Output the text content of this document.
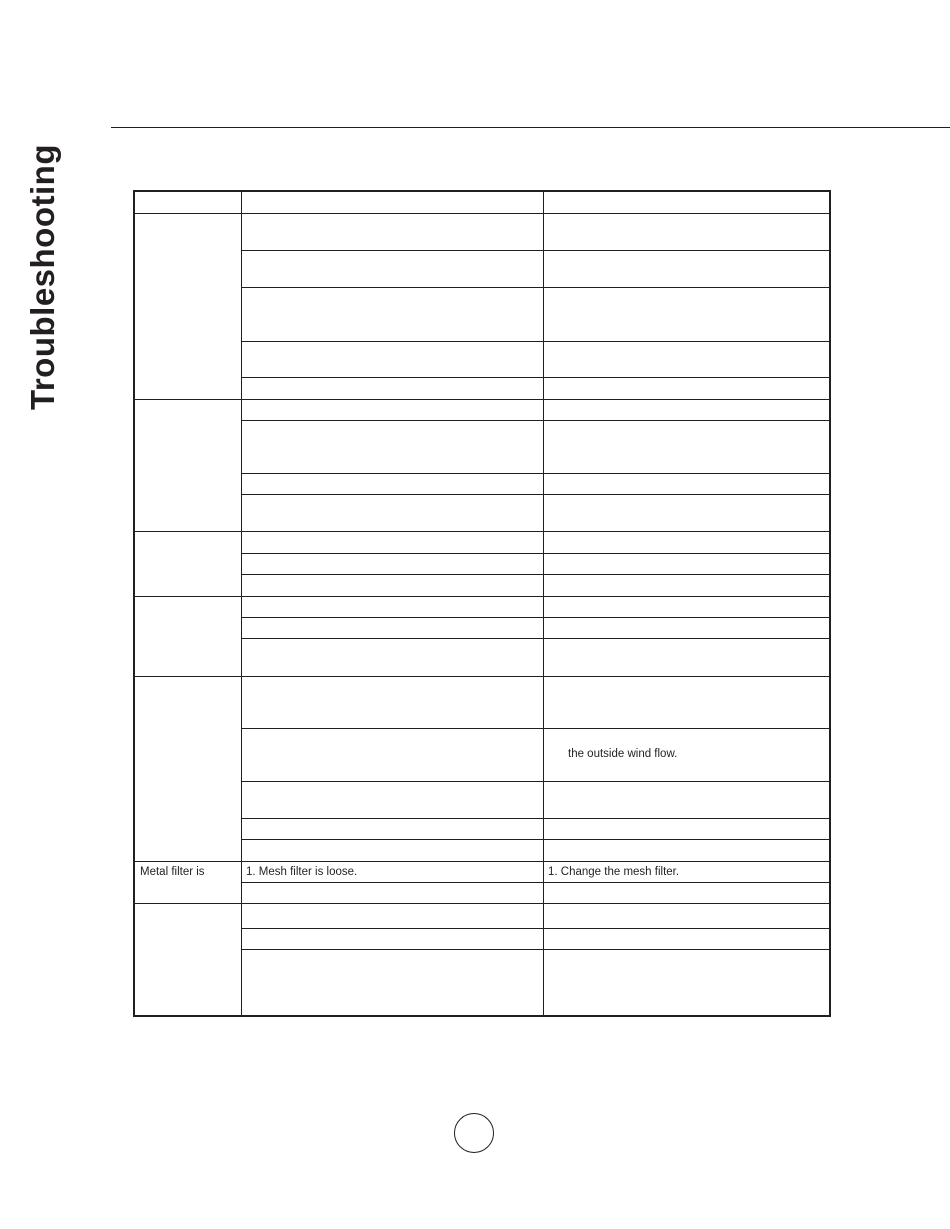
Troubleshooting
the outside wind flow.
Metal filter is	1. Mesh filter is loose.	1. Change the mesh filter.
